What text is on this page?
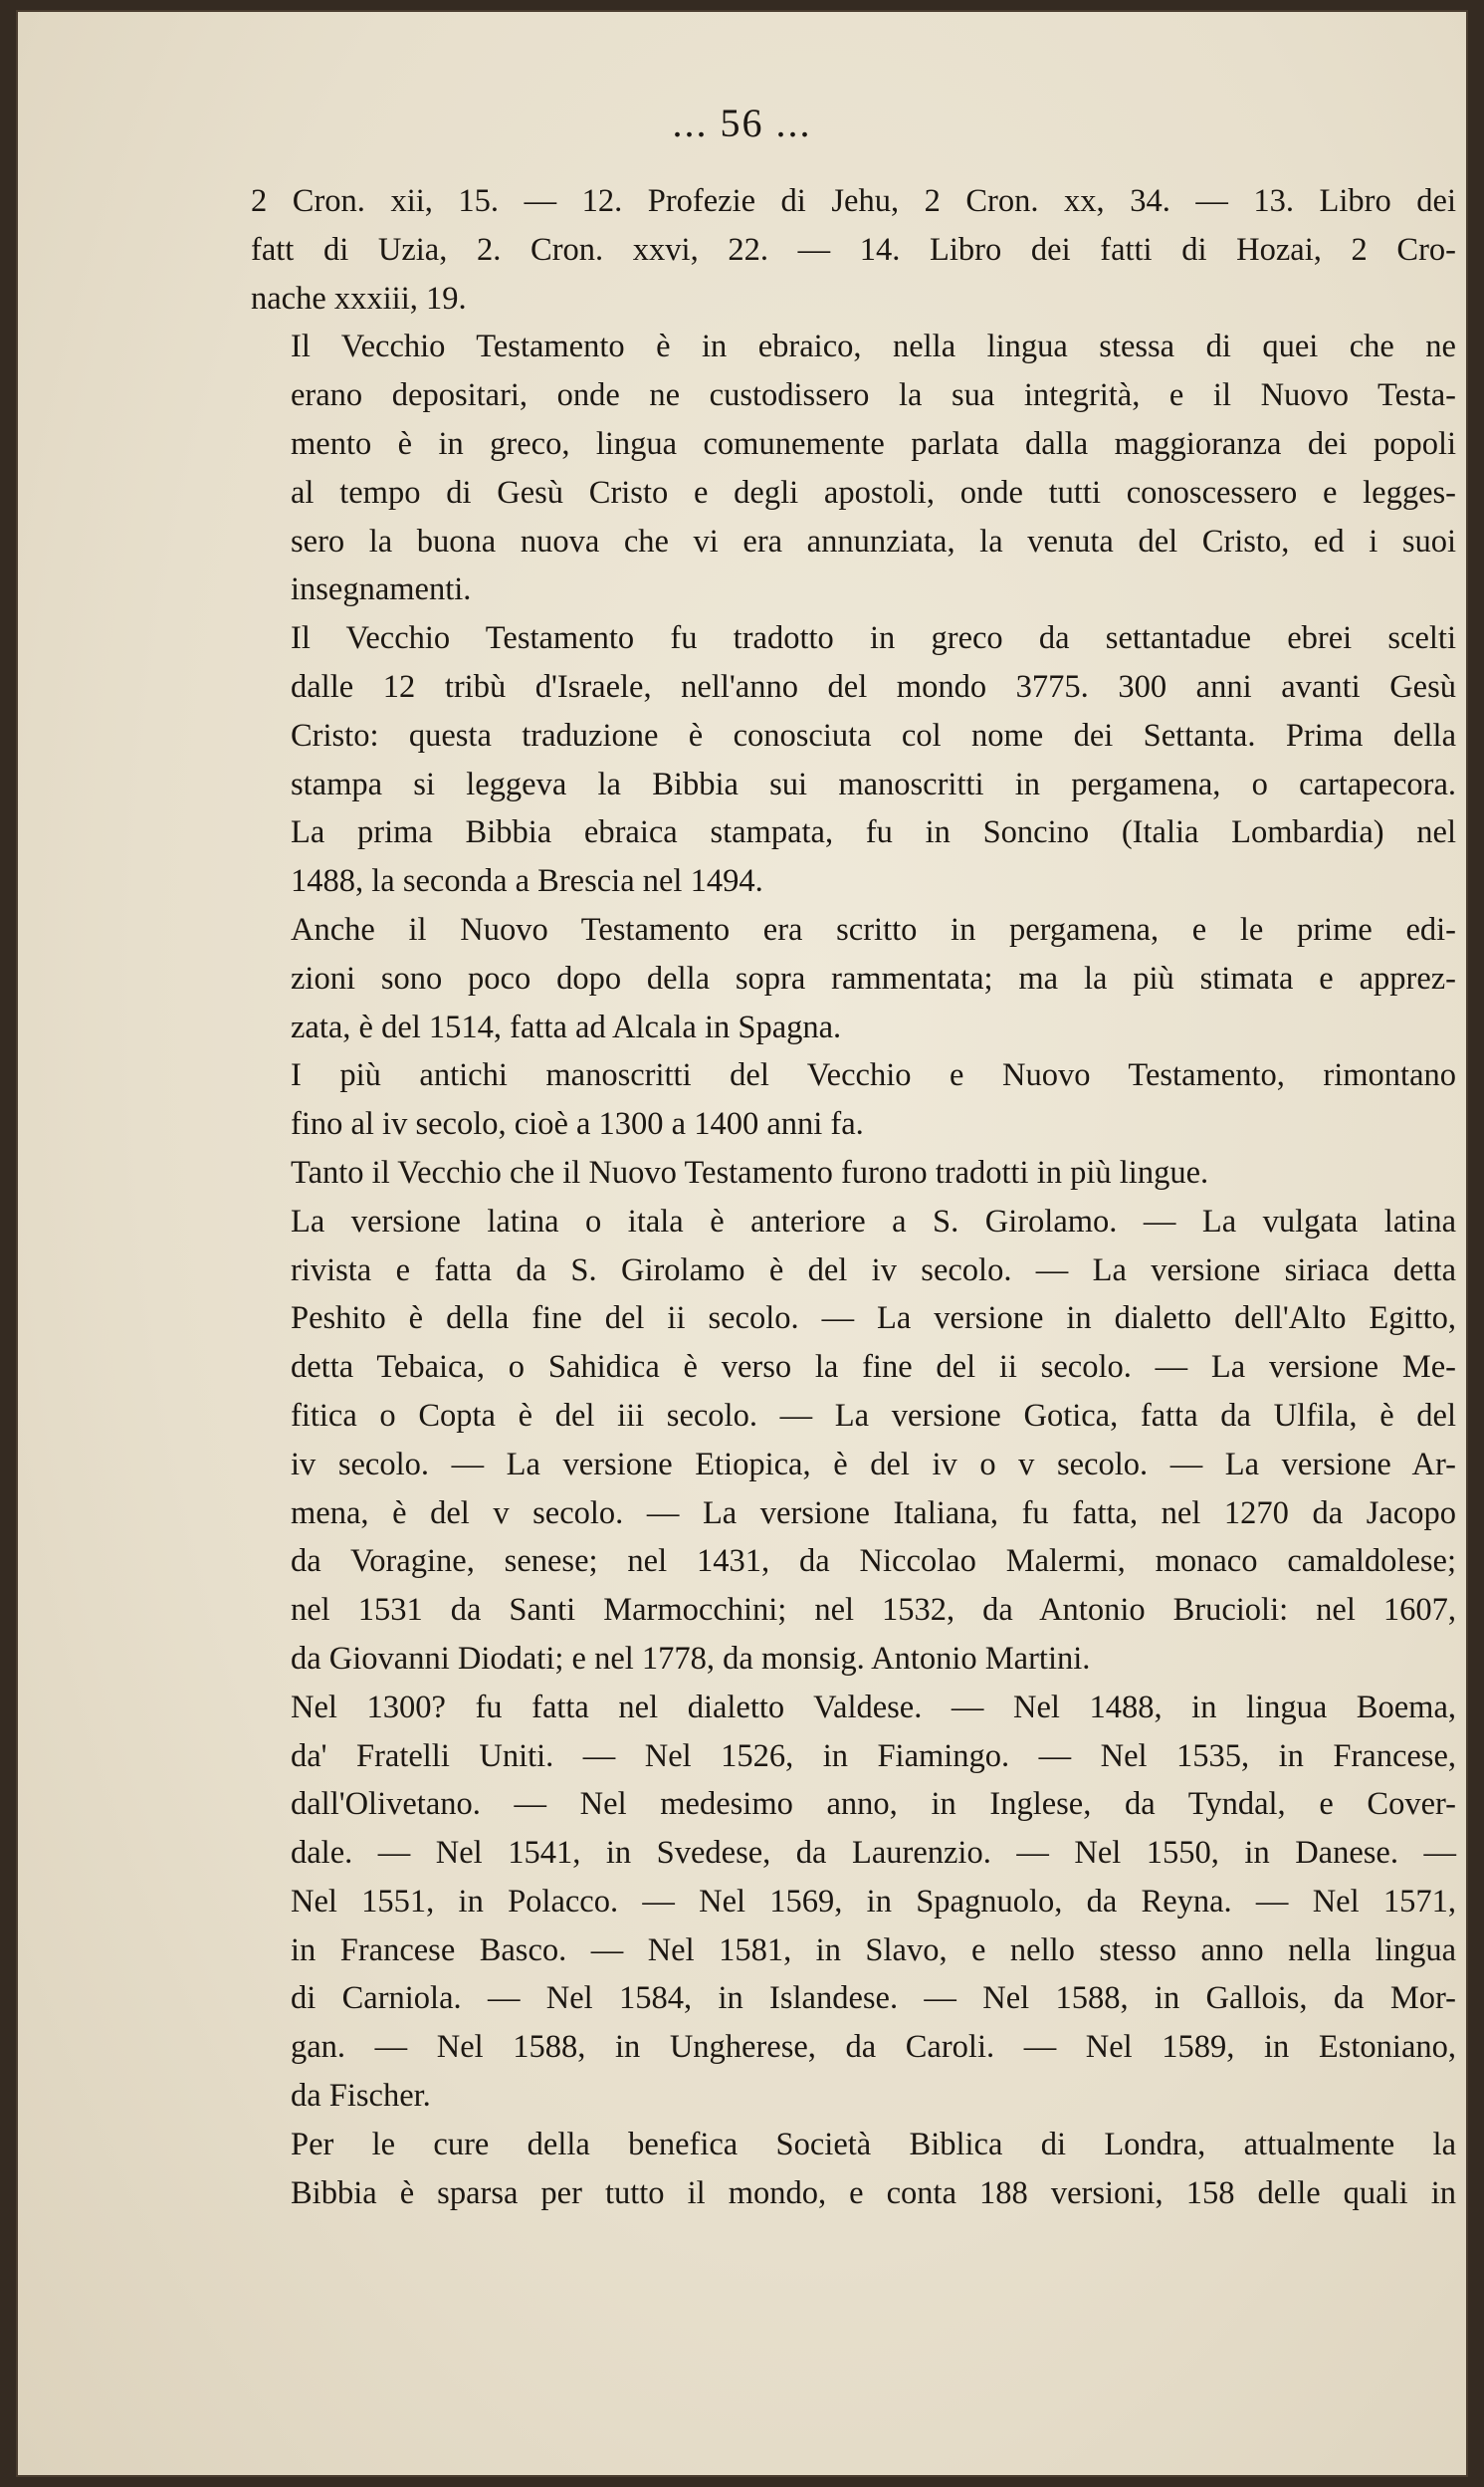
... 56 ...
2 Cron. xii, 15. — 12. Profezie di Jehu, 2 Cron. xx, 34. — 13. Libro dei
fatt di Uzia, 2. Cron. xxvi, 22. — 14. Libro dei fatti di Hozai, 2 Cro-
nache xxxiii, 19.
Il Vecchio Testamento è in ebraico, nella lingua stessa di quei che ne
erano depositari, onde ne custodissero la sua integrità, e il Nuovo Testa-
mento è in greco, lingua comunemente parlata dalla maggioranza dei popoli
al tempo di Gesù Cristo e degli apostoli, onde tutti conoscessero e legges-
sero la buona nuova che vi era annunziata, la venuta del Cristo, ed i suoi
insegnamenti.
Il Vecchio Testamento fu tradotto in greco da settantadue ebrei scelti
dalle 12 tribù d'Israele, nell'anno del mondo 3775. 300 anni avanti Gesù
Cristo: questa traduzione è conosciuta col nome dei Settanta. Prima della
stampa si leggeva la Bibbia sui manoscritti in pergamena, o cartapecora.
La prima Bibbia ebraica stampata, fu in Soncino (Italia Lombardia) nel
1488, la seconda a Brescia nel 1494.
Anche il Nuovo Testamento era scritto in pergamena, e le prime edi-
zioni sono poco dopo della sopra rammentata; ma la più stimata e apprez-
zata, è del 1514, fatta ad Alcala in Spagna.
I più antichi manoscritti del Vecchio e Nuovo Testamento, rimontano
fino al iv secolo, cioè a 1300 a 1400 anni fa.
Tanto il Vecchio che il Nuovo Testamento furono tradotti in più lingue.
La versione latina o itala è anteriore a S. Girolamo. — La vulgata latina
rivista e fatta da S. Girolamo è del iv secolo. — La versione siriaca detta
Peshito è della fine del ii secolo. — La versione in dialetto dell'Alto Egitto,
detta Tebaica, o Sahidica è verso la fine del ii secolo. — La versione Me-
fitica o Copta è del iii secolo. — La versione Gotica, fatta da Ulfila, è del
iv secolo. — La versione Etiopica, è del iv o v secolo. — La versione Ar-
mena, è del v secolo. — La versione Italiana, fu fatta, nel 1270 da Jacopo
da Voragine, senese; nel 1431, da Niccolao Malermi, monaco camaldolese;
nel 1531 da Santi Marmocchini; nel 1532, da Antonio Brucioli: nel 1607,
da Giovanni Diodati; e nel 1778, da monsig. Antonio Martini.
Nel 1300? fu fatta nel dialetto Valdese. — Nel 1488, in lingua Boema,
da' Fratelli Uniti. — Nel 1526, in Fiamingo. — Nel 1535, in Francese,
dall'Olivetano. — Nel medesimo anno, in Inglese, da Tyndal, e Cover-
dale. — Nel 1541, in Svedese, da Laurenzio. — Nel 1550, in Danese. —
Nel 1551, in Polacco. — Nel 1569, in Spagnuolo, da Reyna. — Nel 1571,
in Francese Basco. — Nel 1581, in Slavo, e nello stesso anno nella lingua
di Carniola. — Nel 1584, in Islandese. — Nel 1588, in Gallois, da Mor-
gan. — Nel 1588, in Ungherese, da Caroli. — Nel 1589, in Estoniano,
da Fischer.
Per le cure della benefica Società Biblica di Londra, attualmente la
Bibbia è sparsa per tutto il mondo, e conta 188 versioni, 158 delle quali in
